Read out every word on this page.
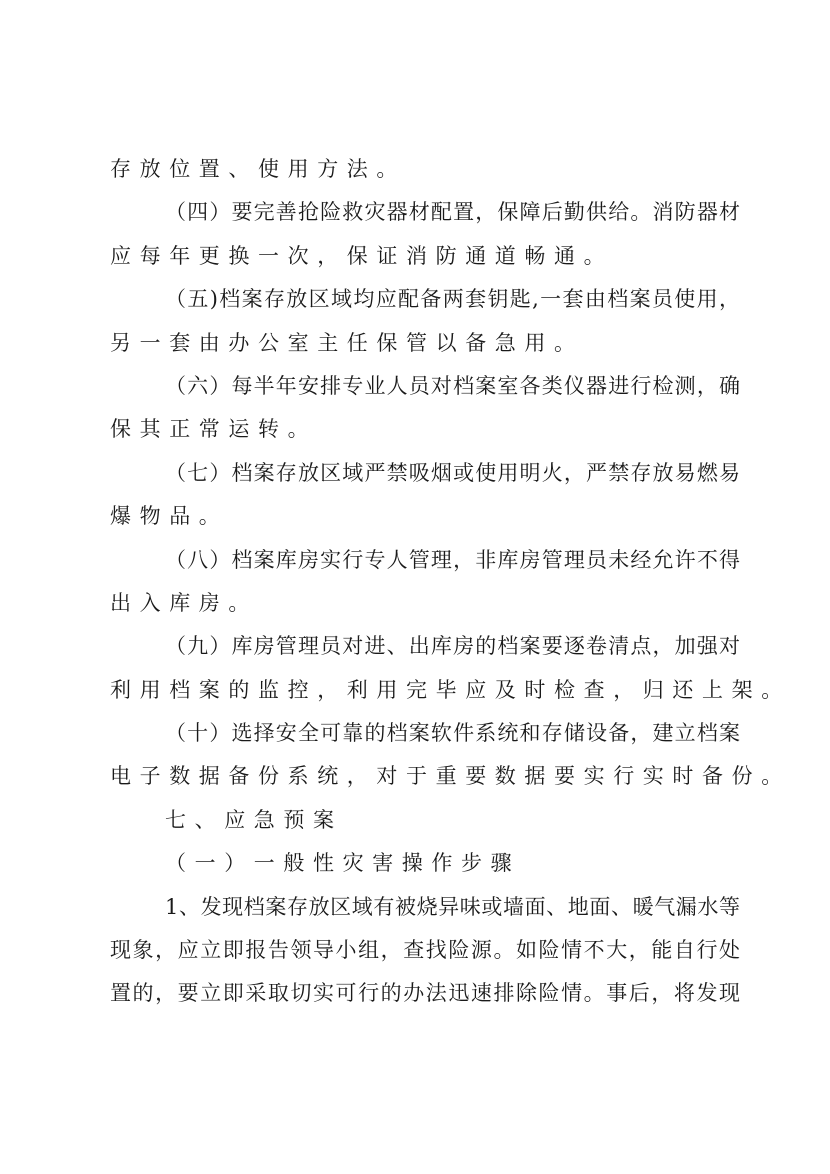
存放位置、使用方法。
（四）要完善抢险救灾器材配置，保障后勤供给。消防器材
应每年更换一次，保证消防通道畅通。
（五)档案存放区域均应配备两套钥匙,一套由档案员使用，
另一套由办公室主任保管以备急用。
（六）每半年安排专业人员对档案室各类仪器进行检测，确
保其正常运转。
（七）档案存放区域严禁吸烟或使用明火，严禁存放易燃易
爆物品。
（八）档案库房实行专人管理，非库房管理员未经允许不得
出入库房。
（九）库房管理员对进、出库房的档案要逐卷清点，加强对
利用档案的监控，利用完毕应及时检查，归还上架。
（十）选择安全可靠的档案软件系统和存储设备，建立档案
电子数据备份系统，对于重要数据要实行实时备份。
七、应急预案
（一）一般性灾害操作步骤
1、发现档案存放区域有被烧异味或墙面、地面、暖气漏水等
现象，应立即报告领导小组，查找险源。如险情不大，能自行处
置的，要立即采取切实可行的办法迅速排除险情。事后，将发现
